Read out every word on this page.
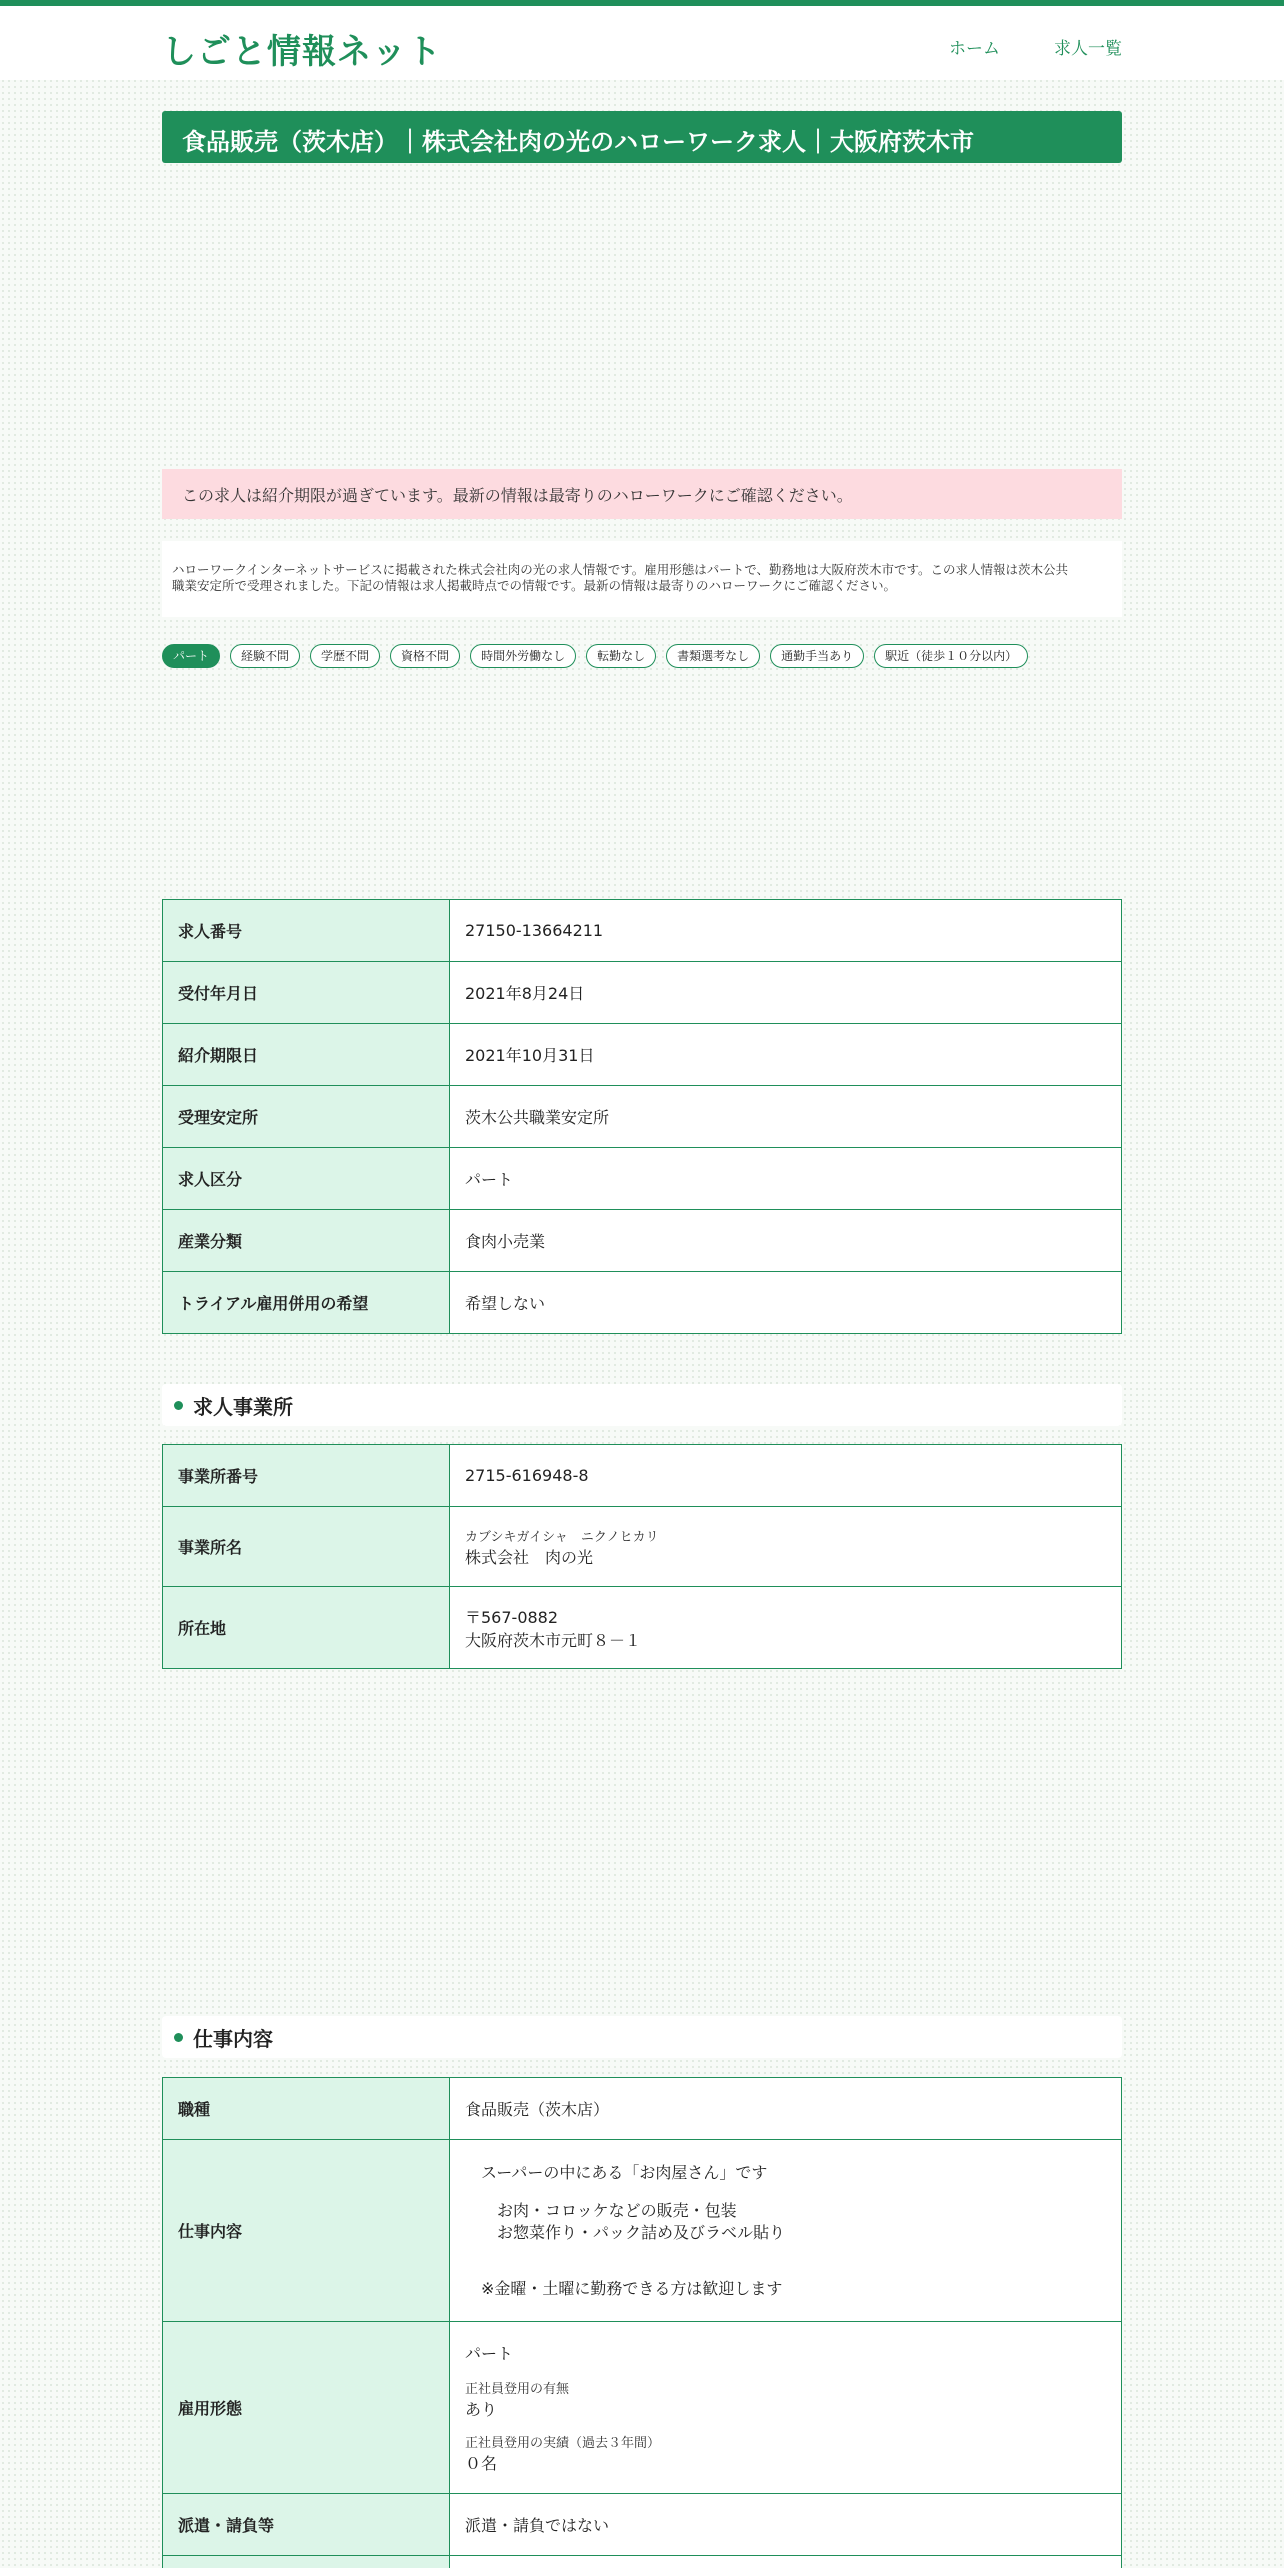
しごと情報ネット	ホーム	求人一覧
食品販売（茨木店）｜株式会社肉の光のハローワーク求人｜大阪府茨木市
この求人は紹介期限が過ぎています。最新の情報は最寄りのハローワークにご確認ください。
ハローワークインターネットサービスに掲載された株式会社肉の光の求人情報です。雇用形態はパートで、勤務地は大阪府茨木市です。この求人情報は茨木公共
職業安定所で受理されました。下記の情報は求人掲載時点での情報です。最新の情報は最寄りのハローワークにご確認ください。
パート	経験不問	学歴不問	資格不問	時間外労働なし	転勤なし	書類選考なし	通勤手当あり	駅近（徒歩１０分以内）
求人番号	27150-13664211
受付年月日	2021年8月24日
紹介期限日	2021年10月31日
受理安定所	茨木公共職業安定所
求人区分	パート
産業分類	食肉小売業
トライアル雇用併用の希望	希望しない
求人事業所
事業所番号	2715-616948-8
事業所名	カブシキガイシャ　ニクノヒカリ
株式会社　肉の光

所在地	〒567-0882
大阪府茨木市元町８－１
仕事内容
職種	食品販売（茨木店）
仕事内容	スーパーの中にある「お肉屋さん」です
お肉・コロッケなどの販売・包装
お惣菜作り・パック詰め及びラベル貼り
※金曜・土曜に勤務できる方は歓迎します

雇用形態	パート
正社員登用の有無
あり
正社員登用の実績（過去３年間）
０名

派遣・請負等	派遣・請負ではない
